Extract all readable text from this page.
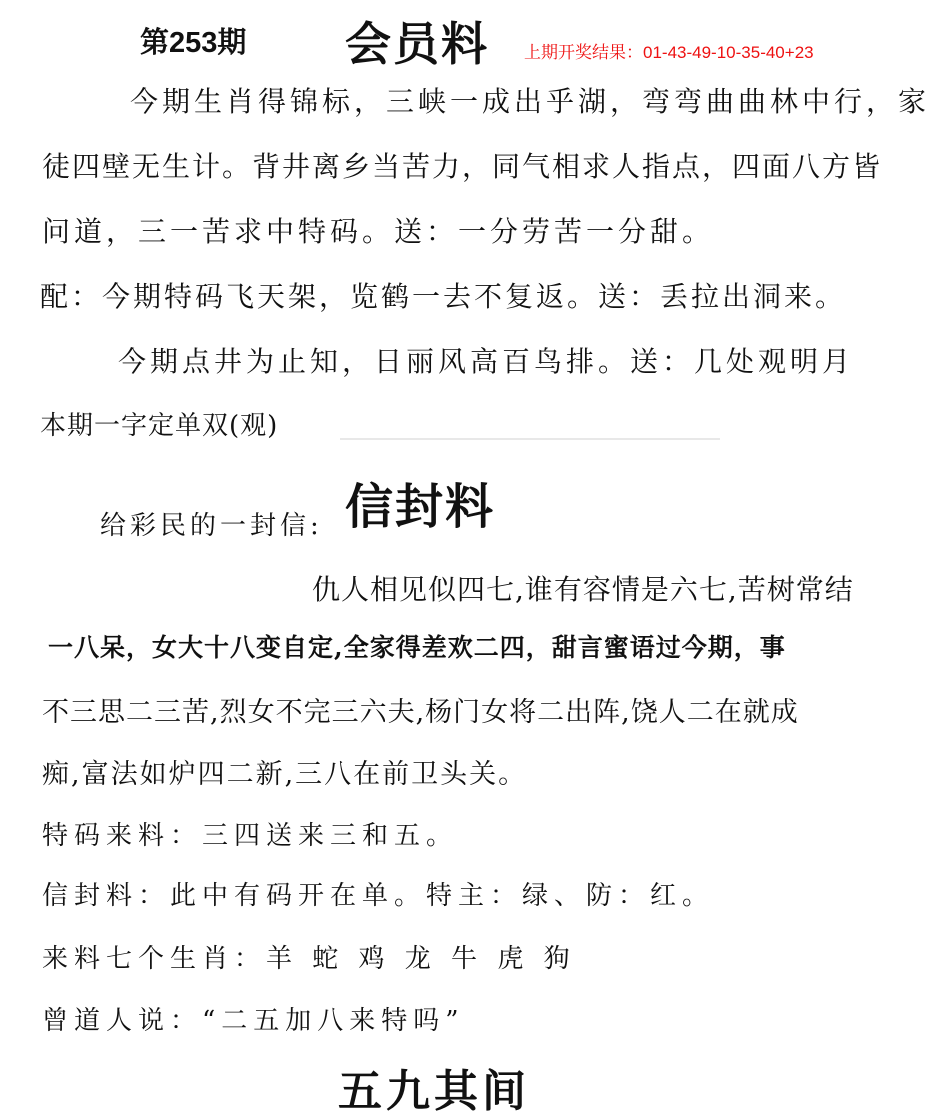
第253期 会员料 上期开奖结果：01-43-49-10-35-40+23
今期生肖得锦标，三峡一成出乎湖，弯弯曲曲林中行，家
徒四壁无生计。背井离乡当苦力，同气相求人指点，四面八方皆
问道，三一苦求中特码。送：一分劳苦一分甜。
配：今期特码飞天架，览鹤一去不复返。送：丢拉出洞来。
今期点井为止知，日丽风高百鸟排。送：几处观明月
本期一字定单双(观)
给彩民的一封信: 信封料
仇人相见似四七,谁有容情是六七,苦树常结
一八呆，女大十八变自定,全家得差欢二四，甜言蜜语过今期，事
不三思二三苦,烈女不完三六夫,杨门女将二出阵,饶人二在就成
痴,富法如炉四二新,三八在前卫头关。
特码来料：三四送来三和五。
信封料：此中有码开在单。特主：绿、防：红。
来料七个生肖：羊 蛇 鸡 龙 牛 虎 狗
曾道人说：“二五加八来特吗”
五九其间
